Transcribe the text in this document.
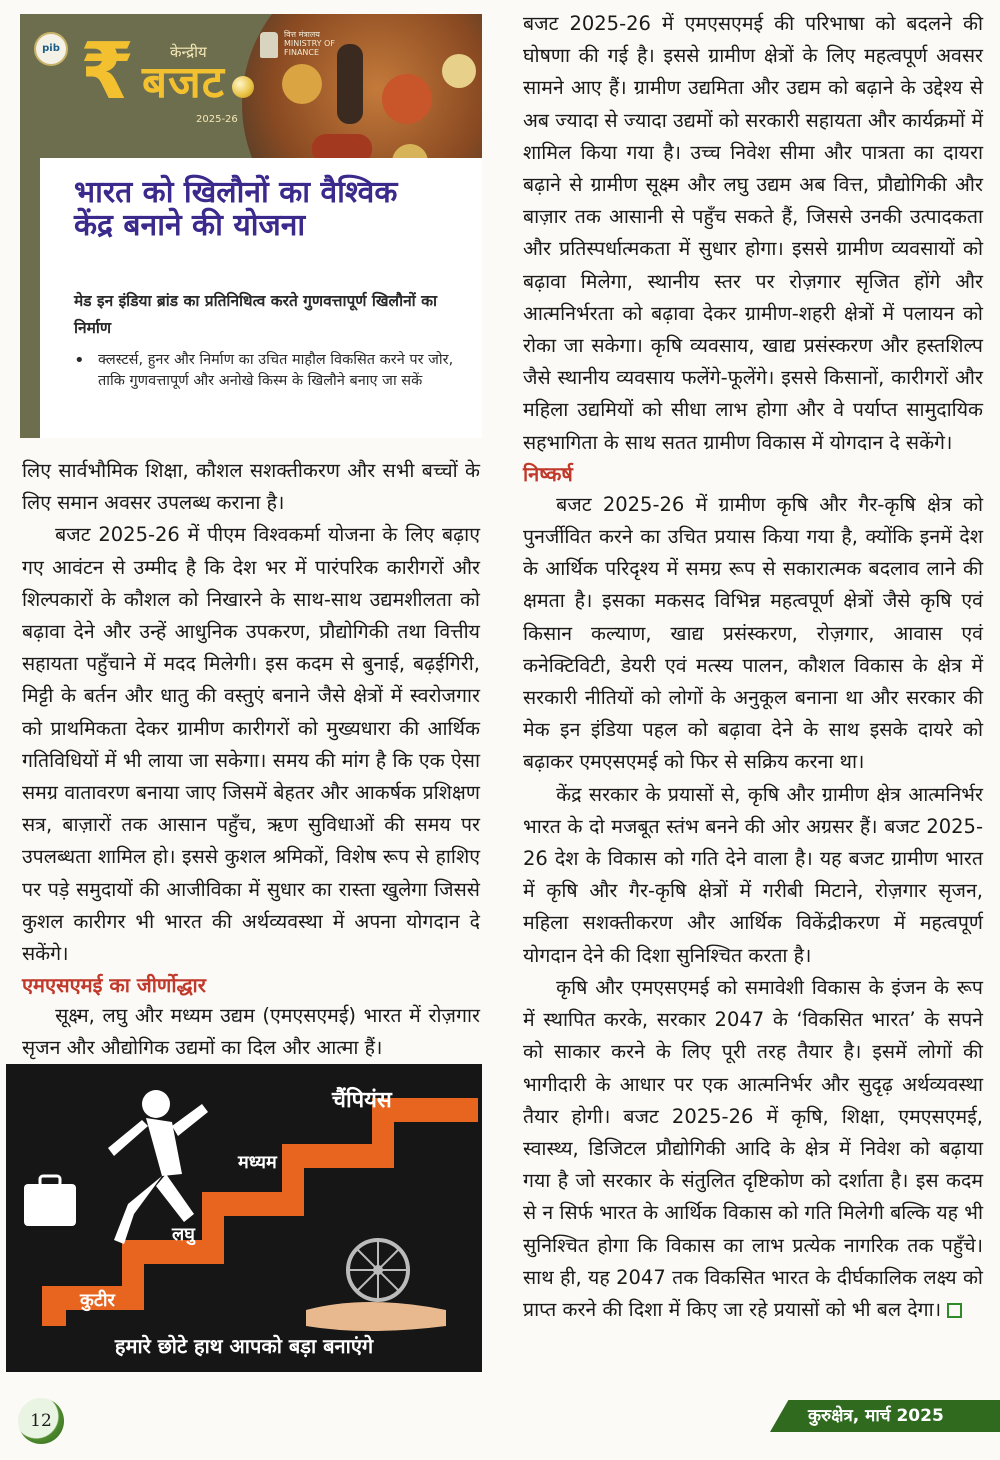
pib ₹ केन्द्रीय
बजट
2025-26
वित्त मंत्रालय
MINISTRY OF
FINANCE
भारत को खिलौनों का वैश्विक केंद्र बनाने की योजना
मेड इन इंडिया ब्रांड का प्रतिनिधित्व करते गुणवत्तापूर्ण खिलौनों का निर्माण
• क्लस्टर्स, हुनर और निर्माण का उचित माहौल विकसित करने पर जोर, ताकि गुणवत्तापूर्ण और अनोखे किस्म के खिलौने बनाए जा सकें

लिए सार्वभौमिक शिक्षा, कौशल सशक्तीकरण और सभी बच्चों के लिए समान अवसर उपलब्ध कराना है।

बजट 2025-26 में पीएम विश्वकर्मा योजना के लिए बढ़ाए गए आवंटन से उम्मीद है कि देश भर में पारंपरिक कारीगरों और शिल्पकारों के कौशल को निखारने के साथ-साथ उद्यमशीलता को बढ़ावा देने और उन्हें आधुनिक उपकरण, प्रौद्योगिकी तथा वित्तीय सहायता पहुँचाने में मदद मिलेगी। इस कदम से बुनाई, बढ़ईगिरी, मिट्टी के बर्तन और धातु की वस्तुएं बनाने जैसे क्षेत्रों में स्वरोजगार को प्राथमिकता देकर ग्रामीण कारीगरों को मुख्यधारा की आर्थिक गतिविधियों में भी लाया जा सकेगा। समय की मांग है कि एक ऐसा समग्र वातावरण बनाया जाए जिसमें बेहतर और आकर्षक प्रशिक्षण सत्र, बाज़ारों तक आसान पहुँच, ऋण सुविधाओं की समय पर उपलब्धता शामिल हो। इससे कुशल श्रमिकों, विशेष रूप से हाशिए पर पड़े समुदायों की आजीविका में सुधार का रास्ता खुलेगा जिससे कुशल कारीगर भी भारत की अर्थव्यवस्था में अपना योगदान दे सकेंगे।

एमएसएमई का जीर्णोद्धार

सूक्ष्म, लघु और मध्यम उद्यम (एमएसएमई) भारत में रोज़गार सृजन और औद्योगिक उद्यमों का दिल और आत्मा हैं।

कुटीर
लघु
मध्यम
चैंपियंस
हमारे छोटे हाथ आपको बड़ा बनाएंगे

बजट 2025-26 में एमएसएमई की परिभाषा को बदलने की घोषणा की गई है। इससे ग्रामीण क्षेत्रों के लिए महत्वपूर्ण अवसर सामने आए हैं। ग्रामीण उद्यमिता और उद्यम को बढ़ाने के उद्देश्य से अब ज्यादा से ज्यादा उद्यमों को सरकारी सहायता और कार्यक्रमों में शामिल किया गया है। उच्च निवेश सीमा और पात्रता का दायरा बढ़ाने से ग्रामीण सूक्ष्म और लघु उद्यम अब वित्त, प्रौद्योगिकी और बाज़ार तक आसानी से पहुँच सकते हैं, जिससे उनकी उत्पादकता और प्रतिस्पर्धात्मकता में सुधार होगा। इससे ग्रामीण व्यवसायों को बढ़ावा मिलेगा, स्थानीय स्तर पर रोज़गार सृजित होंगे और आत्मनिर्भरता को बढ़ावा देकर ग्रामीण-शहरी क्षेत्रों में पलायन को रोका जा सकेगा। कृषि व्यवसाय, खाद्य प्रसंस्करण और हस्तशिल्प जैसे स्थानीय व्यवसाय फलेंगे-फूलेंगे। इससे किसानों, कारीगरों और महिला उद्यमियों को सीधा लाभ होगा और वे पर्याप्त सामुदायिक सहभागिता के साथ सतत ग्रामीण विकास में योगदान दे सकेंगे।

निष्कर्ष

बजट 2025-26 में ग्रामीण कृषि और गैर-कृषि क्षेत्र को पुनर्जीवित करने का उचित प्रयास किया गया है, क्योंकि इनमें देश के आर्थिक परिदृश्य में समग्र रूप से सकारात्मक बदलाव लाने की क्षमता है। इसका मकसद विभिन्न महत्वपूर्ण क्षेत्रों जैसे कृषि एवं किसान कल्याण, खाद्य प्रसंस्करण, रोज़गार, आवास एवं कनेक्टिविटी, डेयरी एवं मत्स्य पालन, कौशल विकास के क्षेत्र में सरकारी नीतियों को लोगों के अनुकूल बनाना था और सरकार की मेक इन इंडिया पहल को बढ़ावा देने के साथ इसके दायरे को बढ़ाकर एमएसएमई को फिर से सक्रिय करना था।

केंद्र सरकार के प्रयासों से, कृषि और ग्रामीण क्षेत्र आत्मनिर्भर भारत के दो मजबूत स्तंभ बनने की ओर अग्रसर हैं। बजट 2025-26 देश के विकास को गति देने वाला है। यह बजट ग्रामीण भारत में कृषि और गैर-कृषि क्षेत्रों में गरीबी मिटाने, रोज़गार सृजन, महिला सशक्तीकरण और आर्थिक विकेंद्रीकरण में महत्वपूर्ण योगदान देने की दिशा सुनिश्चित करता है।

कृषि और एमएसएमई को समावेशी विकास के इंजन के रूप में स्थापित करके, सरकार 2047 के ‘विकसित भारत’ के सपने को साकार करने के लिए पूरी तरह तैयार है। इसमें लोगों की भागीदारी के आधार पर एक आत्मनिर्भर और सुदृढ़ अर्थव्यवस्था तैयार होगी। बजट 2025-26 में कृषि, शिक्षा, एमएसएमई, स्वास्थ्य, डिजिटल प्रौद्योगिकी आदि के क्षेत्र में निवेश को बढ़ाया गया है जो सरकार के संतुलित दृष्टिकोण को दर्शाता है। इस कदम से न सिर्फ भारत के आर्थिक विकास को गति मिलेगी बल्कि यह भी सुनिश्चित होगा कि विकास का लाभ प्रत्येक नागरिक तक पहुँचे। साथ ही, यह 2047 तक विकसित भारत के दीर्घकालिक लक्ष्य को प्राप्त करने की दिशा में किए जा रहे प्रयासों को भी बल देगा।

12	कुरुक्षेत्र, मार्च 2025
